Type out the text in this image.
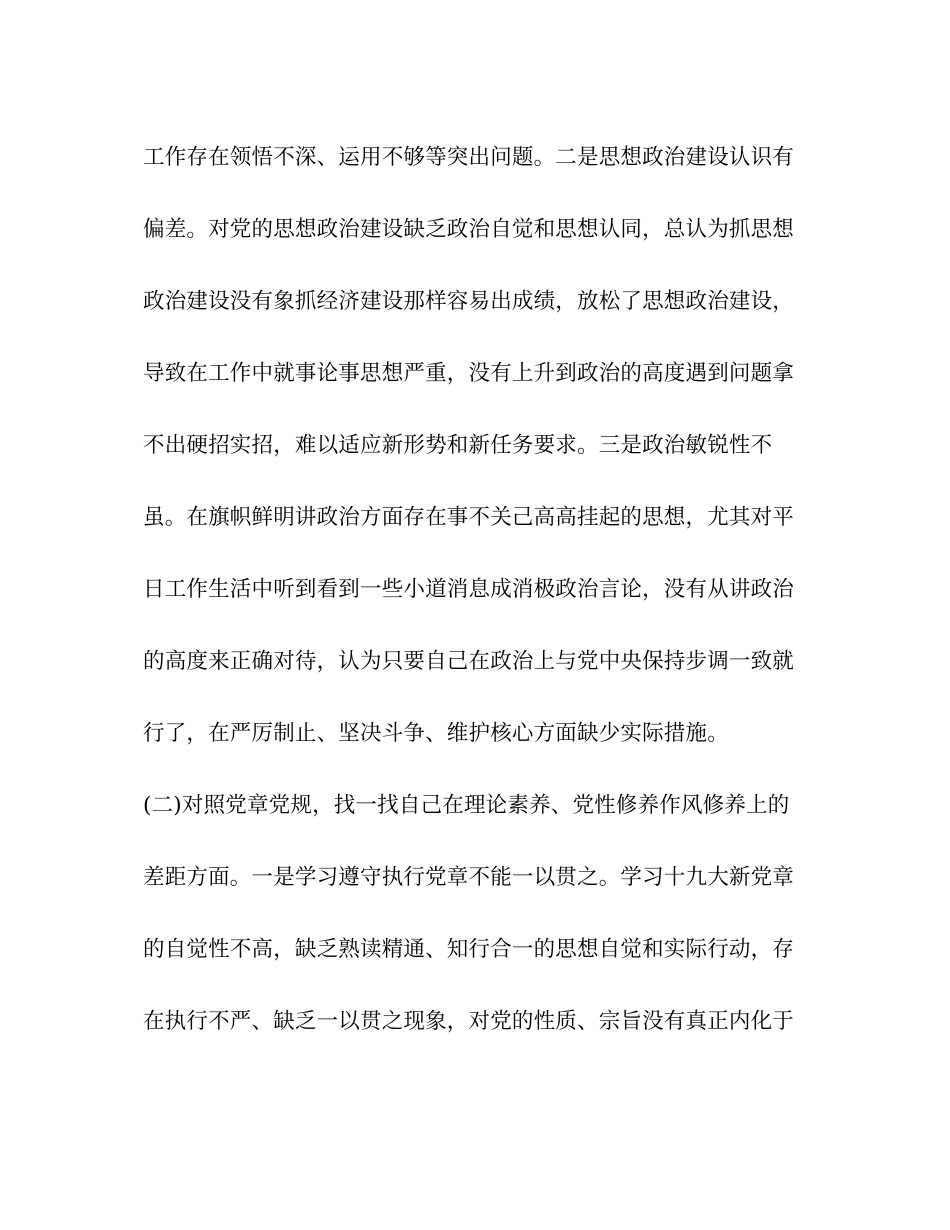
工作存在领悟不深、运用不够等突出问题。二是思想政治建设认识有
偏差。对党的思想政治建设缺乏政治自觉和思想认同，总认为抓思想
政治建设没有象抓经济建设那样容易出成绩，放松了思想政治建设，
导致在工作中就事论事思想严重，没有上升到政治的高度遇到问题拿
不出硬招实招，难以适应新形势和新任务要求。三是政治敏锐性不
虽。在旗帜鲜明讲政治方面存在事不关己高高挂起的思想，尤其对平
日工作生活中听到看到一些小道消息成消极政治言论，没有从讲政治
的高度来正确对待，认为只要自己在政治上与党中央保持步调一致就
行了，在严厉制止、坚决斗争、维护核心方面缺少实际措施。
(二)对照党章党规，找一找自己在理论素养、党性修养作风修养上的
差距方面。一是学习遵守执行党章不能一以贯之。学习十九大新党章
的自觉性不高，缺乏熟读精通、知行合一的思想自觉和实际行动，存
在执行不严、缺乏一以贯之现象，对党的性质、宗旨没有真正内化于
